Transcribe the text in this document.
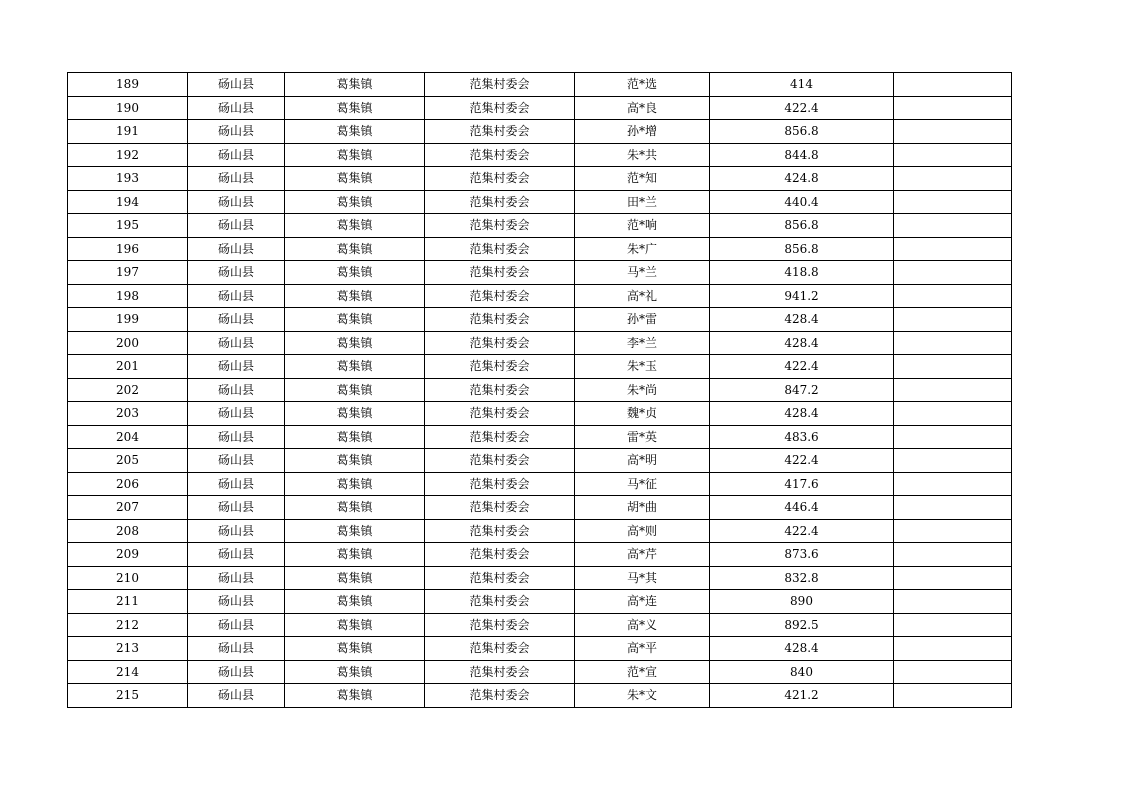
189	砀山县	葛集镇	范集村委会	范*选	414	
190	砀山县	葛集镇	范集村委会	高*良	422.4	
191	砀山县	葛集镇	范集村委会	孙*增	856.8	
192	砀山县	葛集镇	范集村委会	朱*共	844.8	
193	砀山县	葛集镇	范集村委会	范*知	424.8	
194	砀山县	葛集镇	范集村委会	田*兰	440.4	
195	砀山县	葛集镇	范集村委会	范*响	856.8	
196	砀山县	葛集镇	范集村委会	朱*广	856.8	
197	砀山县	葛集镇	范集村委会	马*兰	418.8	
198	砀山县	葛集镇	范集村委会	高*礼	941.2	
199	砀山县	葛集镇	范集村委会	孙*雷	428.4	
200	砀山县	葛集镇	范集村委会	李*兰	428.4	
201	砀山县	葛集镇	范集村委会	朱*玉	422.4	
202	砀山县	葛集镇	范集村委会	朱*尚	847.2	
203	砀山县	葛集镇	范集村委会	魏*贞	428.4	
204	砀山县	葛集镇	范集村委会	雷*英	483.6	
205	砀山县	葛集镇	范集村委会	高*明	422.4	
206	砀山县	葛集镇	范集村委会	马*征	417.6	
207	砀山县	葛集镇	范集村委会	胡*曲	446.4	
208	砀山县	葛集镇	范集村委会	高*则	422.4	
209	砀山县	葛集镇	范集村委会	高*芹	873.6	
210	砀山县	葛集镇	范集村委会	马*其	832.8	
211	砀山县	葛集镇	范集村委会	高*连	890	
212	砀山县	葛集镇	范集村委会	高*义	892.5	
213	砀山县	葛集镇	范集村委会	高*平	428.4	
214	砀山县	葛集镇	范集村委会	范*宣	840	
215	砀山县	葛集镇	范集村委会	朱*文	421.2	
